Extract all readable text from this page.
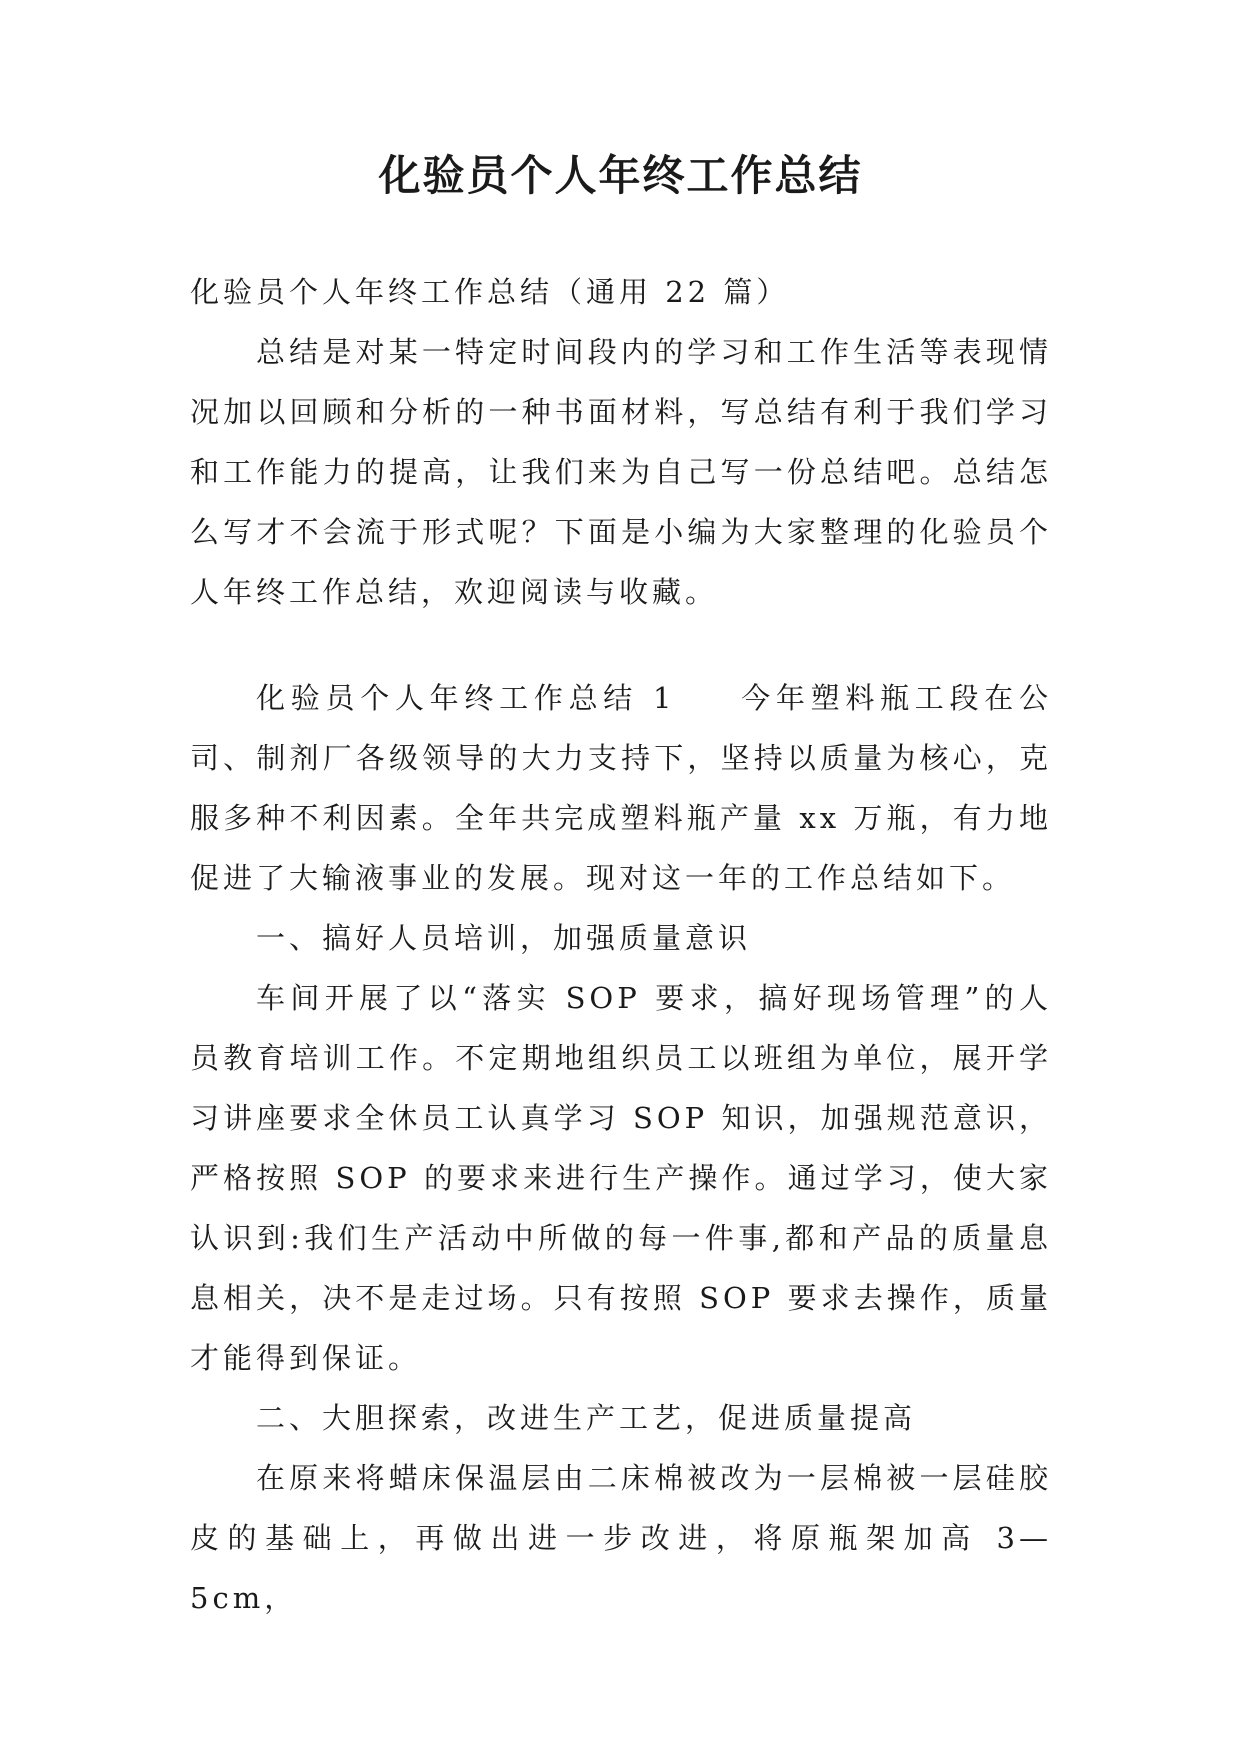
化验员个人年终工作总结

化验员个人年终工作总结（通用 22 篇）

总结是对某一特定时间段内的学习和工作生活等表现情况加以回顾和分析的一种书面材料，写总结有利于我们学习和工作能力的提高，让我们来为自己写一份总结吧。总结怎么写才不会流于形式呢？下面是小编为大家整理的化验员个人年终工作总结，欢迎阅读与收藏。

化验员个人年终工作总结 1 今年塑料瓶工段在公司、制剂厂各级领导的大力支持下，坚持以质量为核心，克服多种不利因素。全年共完成塑料瓶产量 xx 万瓶，有力地促进了大输液事业的发展。现对这一年的工作总结如下。

一、搞好人员培训，加强质量意识

车间开展了以“落实 SOP 要求，搞好现场管理”的人员教育培训工作。不定期地组织员工以班组为单位，展开学习讲座要求全休员工认真学习 SOP 知识，加强规范意识，严格按照 SOP 的要求来进行生产操作。通过学习，使大家认识到:我们生产活动中所做的每一件事,都和产品的质量息息相关，决不是走过场。只有按照 SOP 要求去操作，质量才能得到保证。

二、大胆探索，改进生产工艺，促进质量提高

在原来将蜡床保温层由二床棉被改为一层棉被一层硅胶皮的基础上，再做出进一步改进，将原瓶架加高 3—5cm，
